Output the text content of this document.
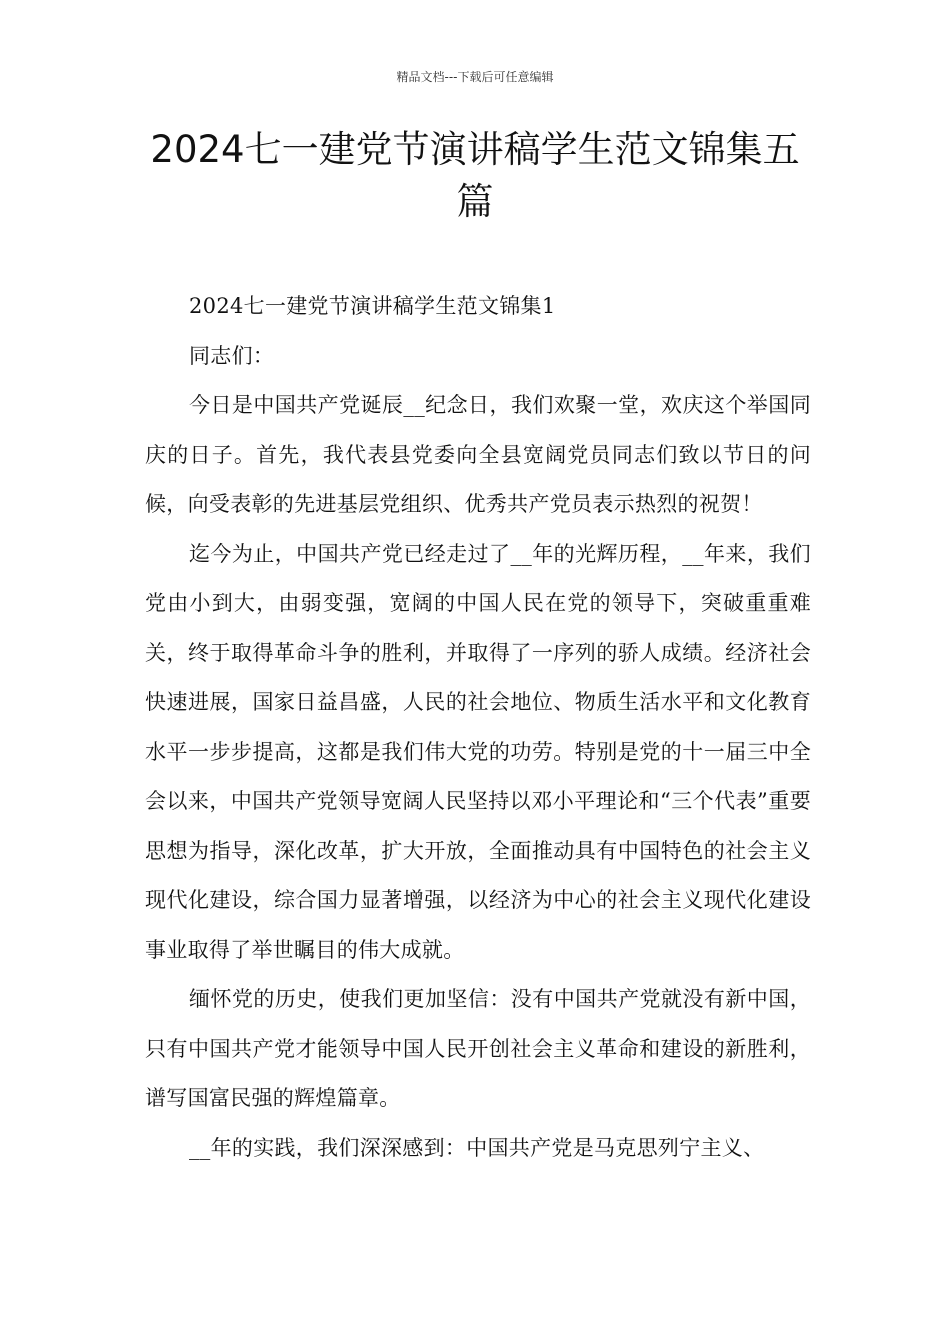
精品文档---下载后可任意编辑
2024七一建党节演讲稿学生范文锦集五篇

2024七一建党节演讲稿学生范文锦集1

同志们：

今日是中国共产党诞辰__纪念日，我们欢聚一堂，欢庆这个举国同庆的日子。首先，我代表县党委向全县宽阔党员同志们致以节日的问候，向受表彰的先进基层党组织、优秀共产党员表示热烈的祝贺！

迄今为止，中国共产党已经走过了__年的光辉历程，__年来，我们党由小到大，由弱变强，宽阔的中国人民在党的领导下，突破重重难关，终于取得革命斗争的胜利，并取得了一序列的骄人成绩。经济社会快速进展，国家日益昌盛，人民的社会地位、物质生活水平和文化教育水平一步步提高，这都是我们伟大党的功劳。特别是党的十一届三中全会以来，中国共产党领导宽阔人民坚持以邓小平理论和“三个代表”重要思想为指导，深化改革，扩大开放，全面推动具有中国特色的社会主义现代化建设，综合国力显著增强，以经济为中心的社会主义现代化建设事业取得了举世瞩目的伟大成就。

缅怀党的历史，使我们更加坚信：没有中国共产党就没有新中国，只有中国共产党才能领导中国人民开创社会主义革命和建设的新胜利，谱写国富民强的辉煌篇章。

__年的实践，我们深深感到：中国共产党是马克思列宁主义、
